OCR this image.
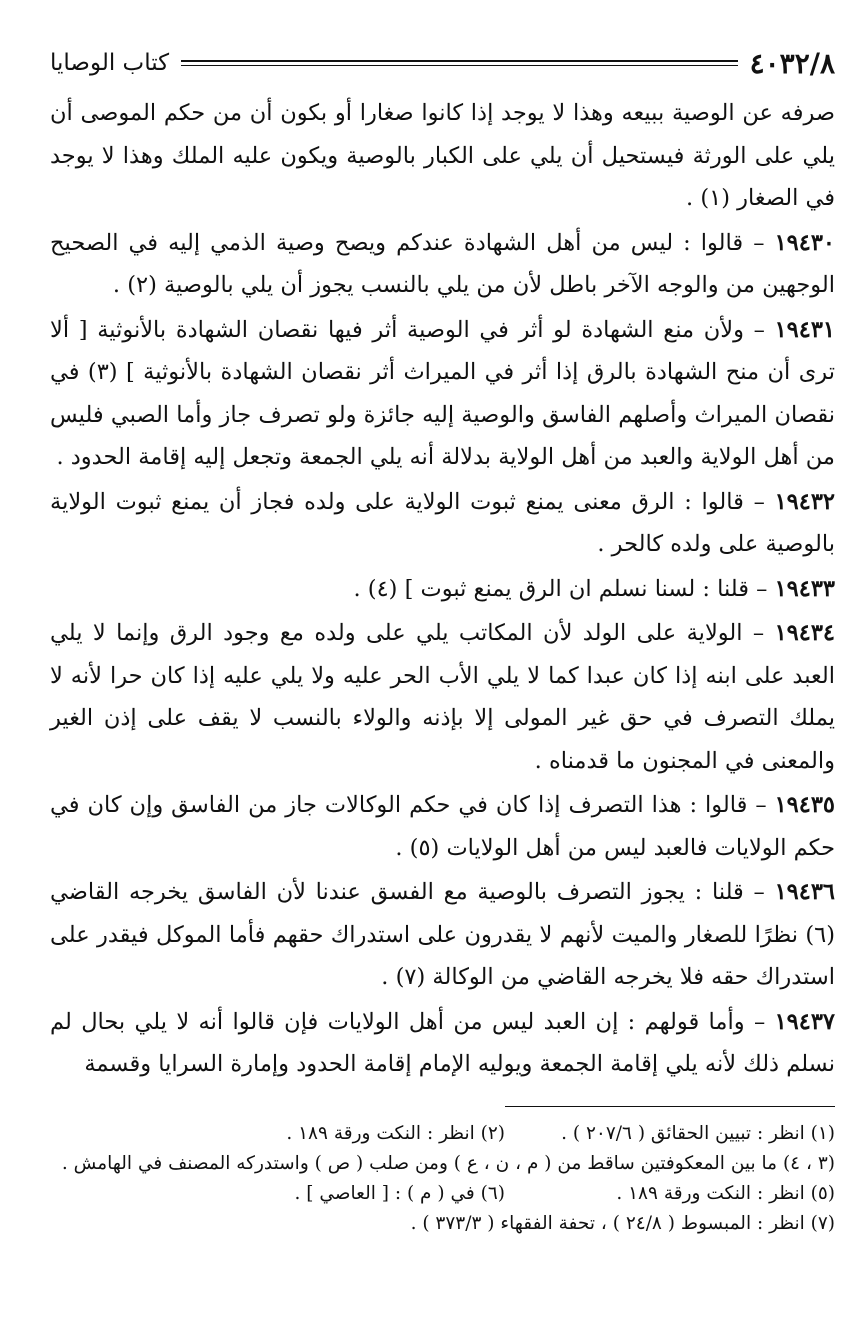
٤٠٣٢/٨
كتاب الوصايا

صرفه عن الوصية ببيعه وهذا لا يوجد إذا كانوا صغارا أو بكون أن من حكم الموصى أن يلي على الورثة فيستحيل أن يلي على الكبار بالوصية ويكون عليه الملك وهذا لا يوجد في الصغار (١) .

١٩٤٣٠ – قالوا : ليس من أهل الشهادة عندكم ويصح وصية الذمي إليه في الصحيح الوجهين من والوجه الآخر باطل لأن من يلي بالنسب يجوز أن يلي بالوصية (٢) .

١٩٤٣١ – ولأن منع الشهادة لو أثر في الوصية أثر فيها نقصان الشهادة بالأنوثية [ ألا ترى أن منح الشهادة بالرق إذا أثر في الميراث أثر نقصان الشهادة بالأنوثية ] (٣) في نقصان الميراث وأصلهم الفاسق والوصية إليه جائزة ولو تصرف جاز وأما الصبي فليس من أهل الولاية والعبد من أهل الولاية بدلالة أنه يلي الجمعة وتجعل إليه إقامة الحدود .

١٩٤٣٢ – قالوا : الرق معنى يمنع ثبوت الولاية على ولده فجاز أن يمنع ثبوت الولاية بالوصية على ولده كالحر .

١٩٤٣٣ – قلنا : لسنا نسلم ان الرق يمنع ثبوت ] (٤) .

١٩٤٣٤ – الولاية على الولد لأن المكاتب يلي على ولده مع وجود الرق وإنما لا يلي العبد على ابنه إذا كان عبدا كما لا يلي الأب الحر عليه ولا يلي عليه إذا كان حرا لأنه لا يملك التصرف في حق غير المولى إلا بإذنه والولاء بالنسب لا يقف على إذن الغير والمعنى في المجنون ما قدمناه .

١٩٤٣٥ – قالوا : هذا التصرف إذا كان في حكم الوكالات جاز من الفاسق وإن كان في حكم الولايات فالعبد ليس من أهل الولايات (٥) .

١٩٤٣٦ – قلنا : يجوز التصرف بالوصية مع الفسق عندنا لأن الفاسق يخرجه القاضي (٦) نظرًا للصغار والميت لأنهم لا يقدرون على استدراك حقهم فأما الموكل فيقدر على استدراك حقه فلا يخرجه القاضي من الوكالة (٧) .

١٩٤٣٧ – وأما قولهم : إن العبد ليس من أهل الولايات فإن قالوا أنه لا يلي بحال لم نسلم ذلك لأنه يلي إقامة الجمعة ويوليه الإمام إقامة الحدود وإمارة السرايا وقسمة

(١) انظر : تبيين الحقائق ( ٢٠٧/٦ ) .
(٢) انظر : النكت ورقة ١٨٩ .
(٣ ، ٤) ما بين المعكوفتين ساقط من ( م ، ن ، ع ) ومن صلب ( ص ) واستدركه المصنف في الهامش .
(٥) انظر : النكت ورقة ١٨٩ .
(٦) في ( م ) : [ العاصي ] .
(٧) انظر : المبسوط ( ٢٤/٨ ) ، تحفة الفقهاء ( ٣٧٣/٣ ) .
